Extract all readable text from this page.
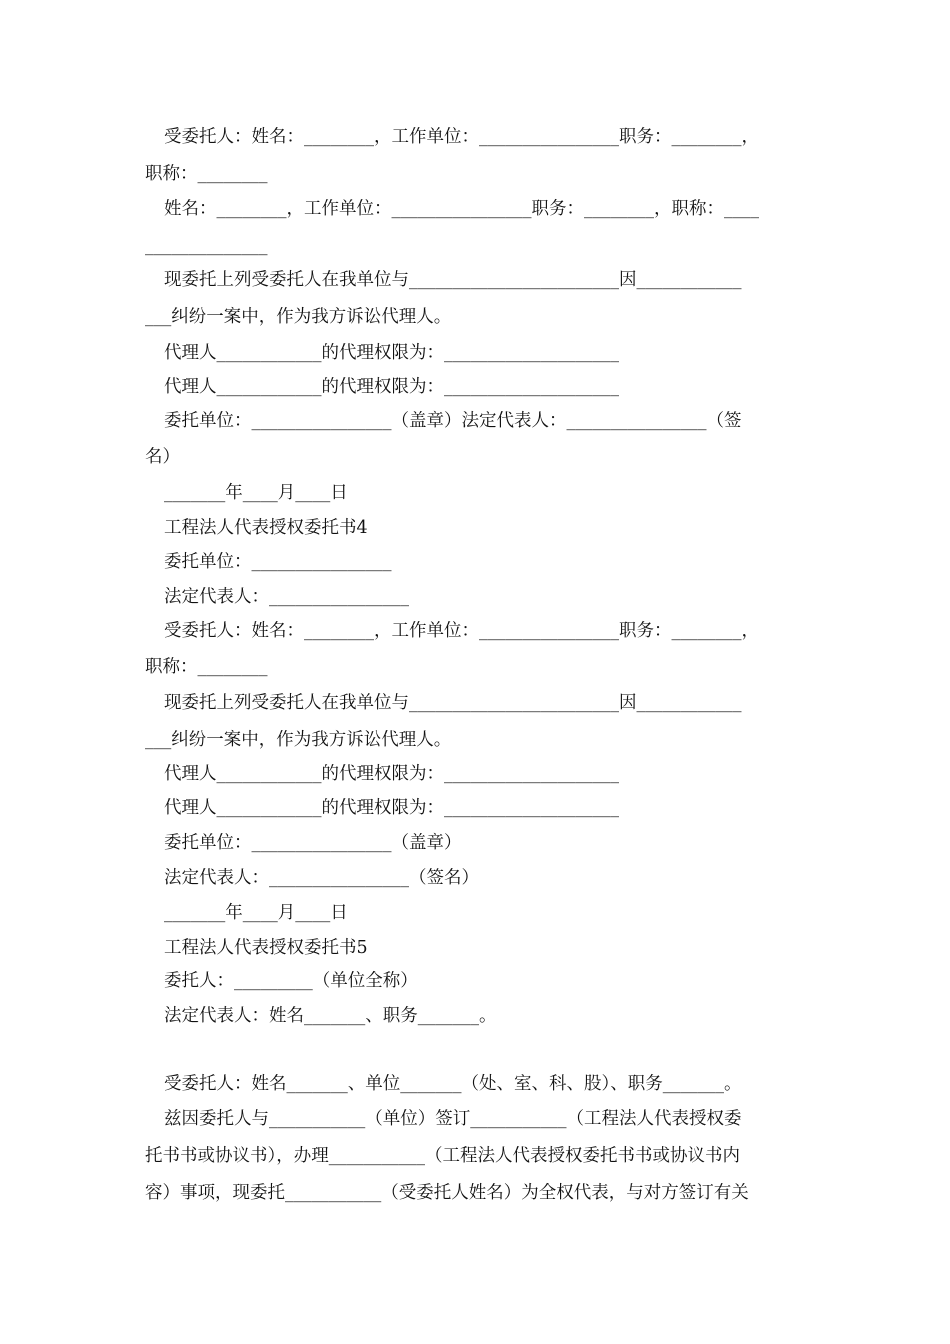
受委托人：姓名：________，工作单位：________________职务：________，
职称：________
姓名：________，工作单位：________________职务：________，职称：____
______________
现委托上列受委托人在我单位与________________________因____________
___纠纷一案中，作为我方诉讼代理人。
代理人____________的代理权限为：____________________
代理人____________的代理权限为：____________________
委托单位：________________（盖章）法定代表人：________________（签
名）
_______年____月____日
工程法人代表授权委托书4
委托单位：________________
法定代表人：________________
受委托人：姓名：________，工作单位：________________职务：________，
职称：________
现委托上列受委托人在我单位与________________________因____________
___纠纷一案中，作为我方诉讼代理人。
代理人____________的代理权限为：____________________
代理人____________的代理权限为：____________________
委托单位：________________（盖章）
法定代表人：________________（签名）
_______年____月____日
工程法人代表授权委托书5
委托人：_________（单位全称）
法定代表人：姓名_______、职务_______。
受委托人：姓名_______、单位_______（处、室、科、股）、职务_______。
兹因委托人与___________（单位）签订___________（工程法人代表授权委
托书书或协议书），办理___________（工程法人代表授权委托书书或协议书内
容）事项，现委托___________（受委托人姓名）为全权代表，与对方签订有关
